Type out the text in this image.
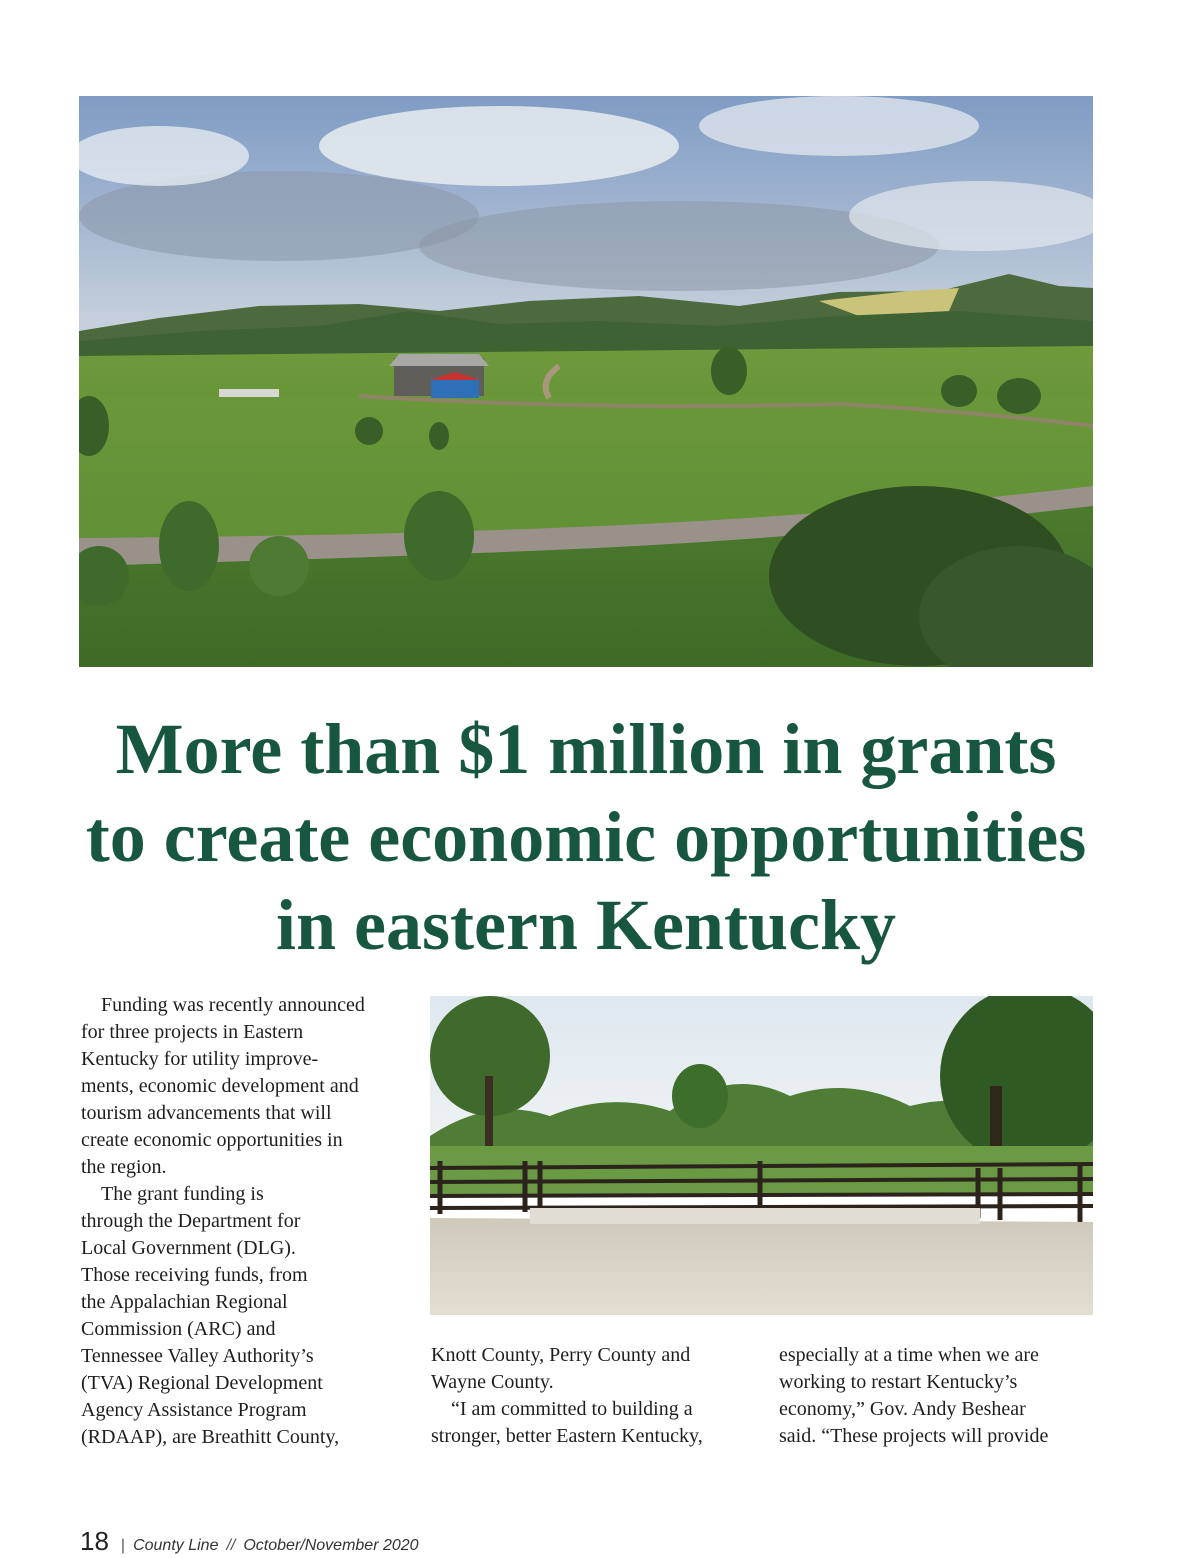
More than $1 million in grants
to create economic opportunities
in eastern Kentucky

Funding was recently announced

for three projects in Eastern
Kentucky for utility improve-
ments, economic development and
tourism advancements that will
create economic opportunities in
the region.

The grant funding is

through the Department for
Local Government (DLG).
Those receiving funds, from
the Appalachian Regional
Commission (ARC) and
Tennessee Valley Authority’s
(TVA) Regional Development
Agency Assistance Program
(RDAAP), are Breathitt County,
Knott County, Perry County and
Wayne County.

“I am committed to building a

stronger, better Eastern Kentucky,
especially at a time when we are
working to restart Kentucky’s
economy,” Gov. Andy Beshear
said. “These projects will provide
18 | County Line // October/November 2020
